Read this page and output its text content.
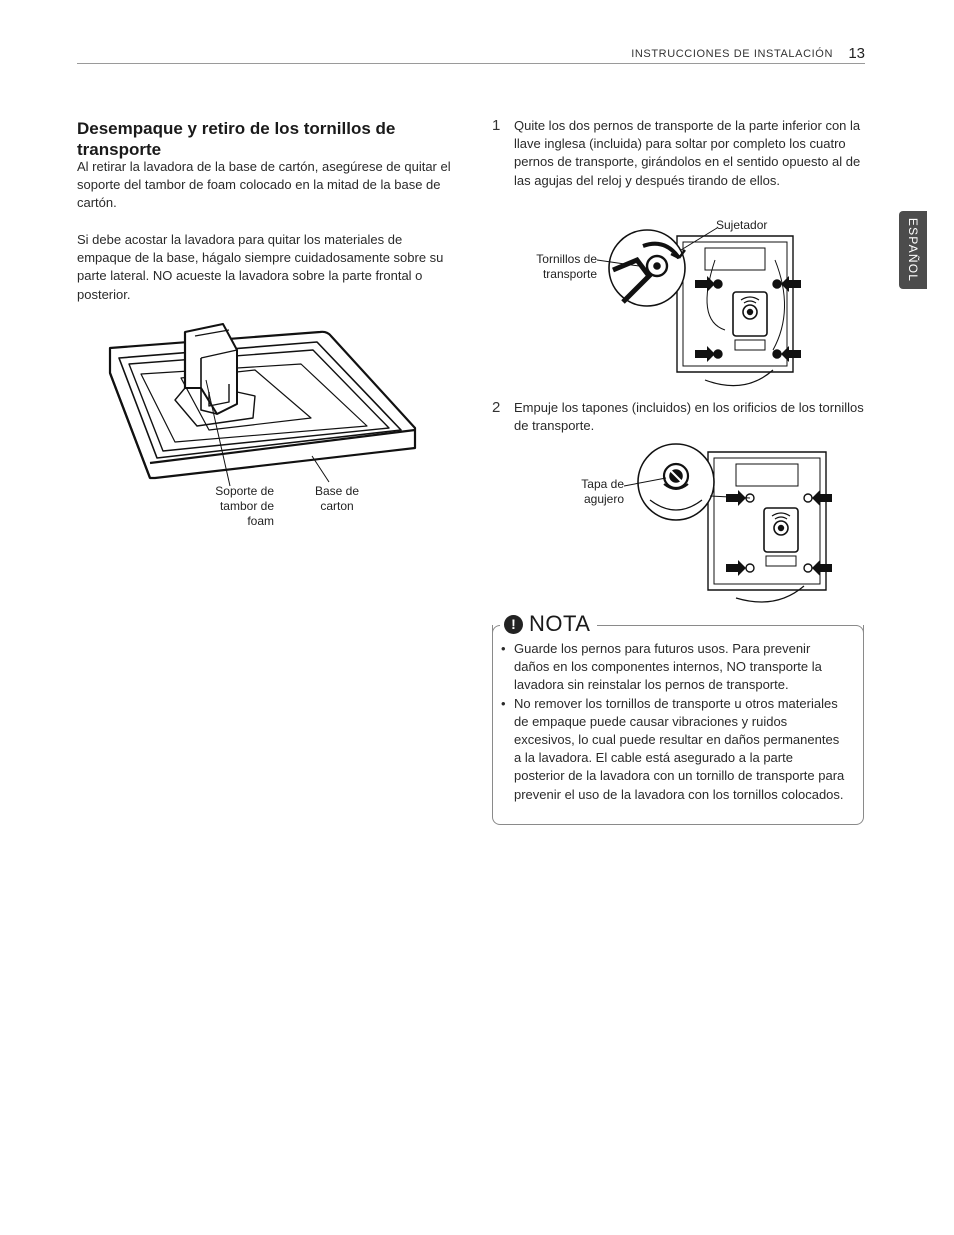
INSTRUCCIONES DE INSTALACIÓN 13
ESPAÑOL
Desempaque y retiro de los tornillos de transporte
Al retirar la lavadora de la base de cartón, asegúrese de quitar el soporte del tambor de foam colocado en la mitad de la base de cartón.
Si debe acostar la lavadora para quitar los materiales de empaque de la base, hágalo siempre cuidadosamente sobre su parte lateral. NO acueste la lavadora sobre la parte frontal o posterior.
Soporte de tambor de foam
Base de carton
1 Quite los dos pernos de transporte de la parte inferior con la llave inglesa (incluida) para soltar por completo los cuatro pernos de transporte, girándolos en el sentido opuesto al de las agujas del reloj y después tirando de ellos.
Tornillos de transporte
Sujetador
2 Empuje los tapones (incluidos) en los orificios de los tornillos de transporte.
Tapa de agujero
! NOTA
• Guarde los pernos para futuros usos. Para prevenir daños en los componentes internos, NO transporte la lavadora sin reinstalar los pernos de transporte.
• No remover los tornillos de transporte u otros materiales de empaque puede causar vibraciones y ruidos excesivos, lo cual puede resultar en daños permanentes a la lavadora. El cable está asegurado a la parte posterior de la lavadora con un tornillo de transporte para prevenir el uso de la lavadora con los tornillos colocados.
